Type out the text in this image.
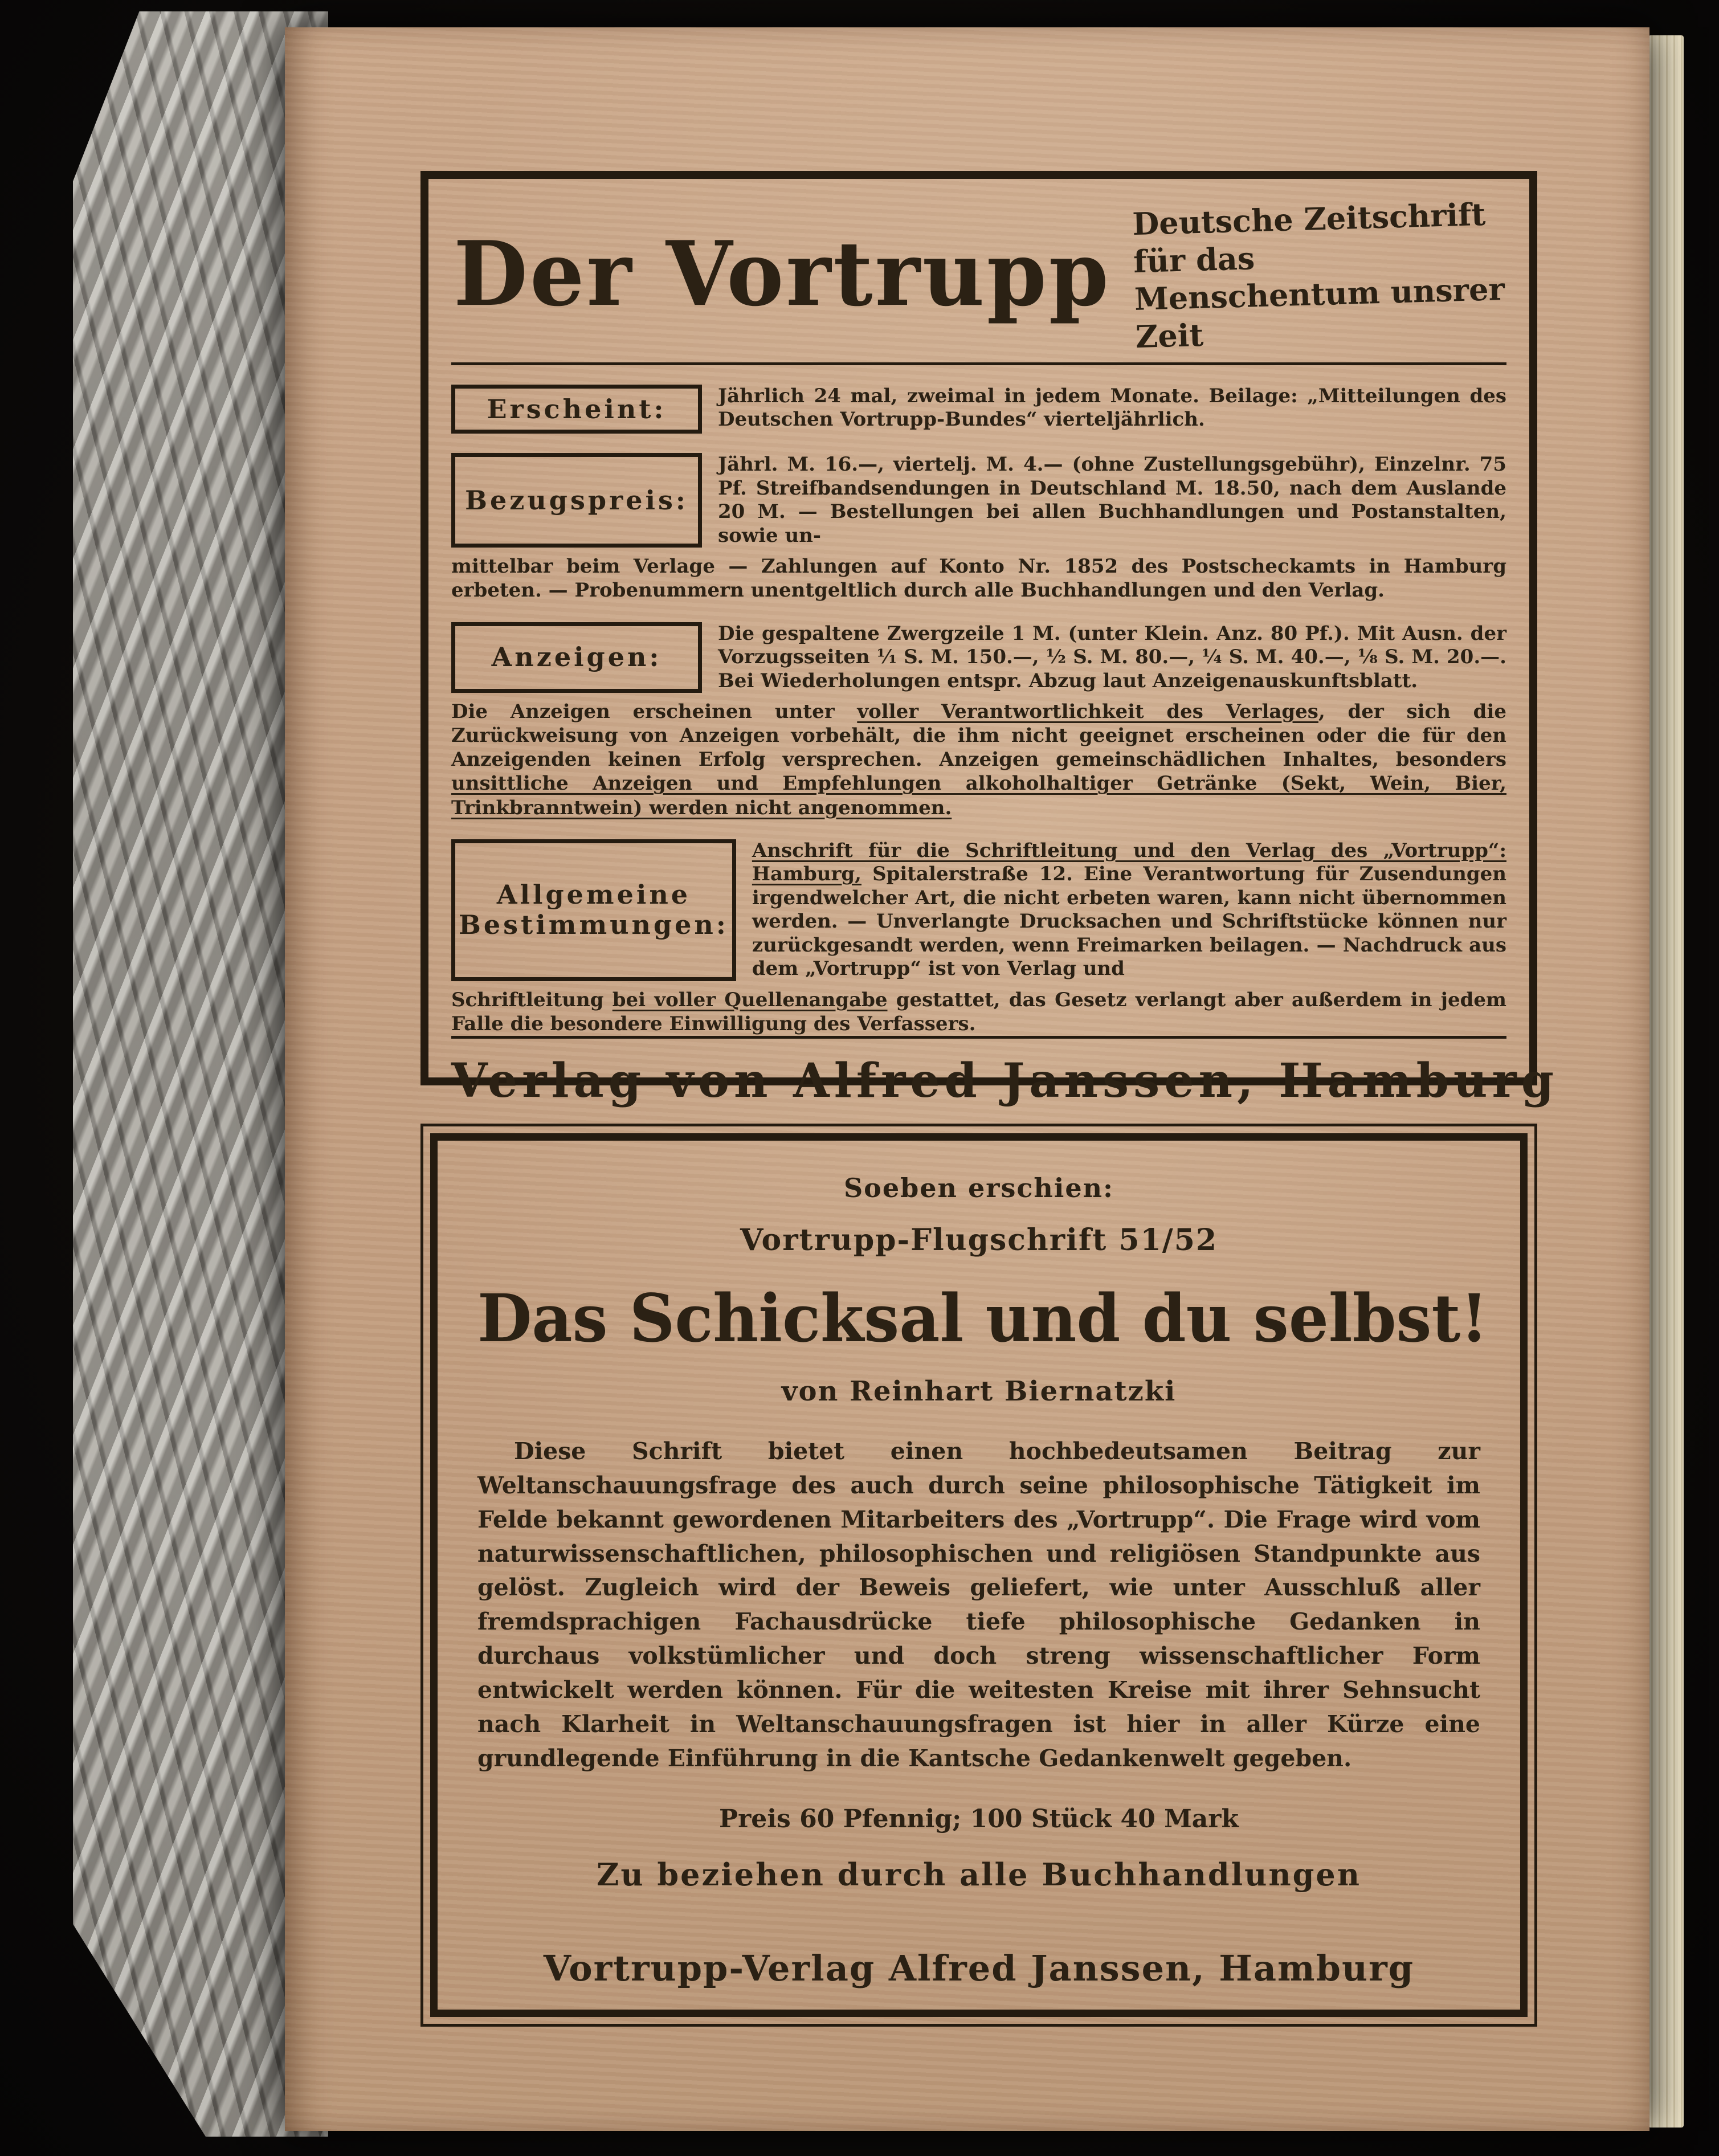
Der Vortrupp
Deutsche Zeitschrift für das
Menschentum unsrer Zeit
Erscheint:	Jährlich 24 mal, zweimal in jedem Monate. Beilage: „Mitteilungen des Deutschen Vortrupp-Bundes“ vierteljährlich.
Bezugspreis:
Jährl. M. 16.—, viertelj. M. 4.— (ohne Zustellungsgebühr), Einzelnr. 75 Pf. Streifbandsendungen in Deutschland M. 18.50, nach dem Auslande 20 M. — Bestellungen bei allen Buchhandlungen und Postanstalten, sowie un-
mittelbar beim Verlage — Zahlungen auf Konto Nr. 1852 des Postscheckamts in Hamburg erbeten. — Probenummern unentgeltlich durch alle Buchhandlungen und den Verlag.
Anzeigen:
Die gespaltene Zwergzeile 1 M. (unter Klein. Anz. 80 Pf.). Mit Ausn. der Vorzugsseiten ¹⁄₁ S. M. 150.—, ¹⁄₂ S. M. 80.—, ¹⁄₄ S. M. 40.—, ¹⁄₈ S. M. 20.—. Bei Wiederholungen entspr. Abzug laut Anzeigenauskunftsblatt.
Die Anzeigen erscheinen unter voller Verantwortlichkeit des Verlages, der sich die Zurückweisung von Anzeigen vorbehält, die ihm nicht geeignet erscheinen oder die für den Anzeigenden keinen Erfolg versprechen. Anzeigen gemeinschädlichen Inhaltes, besonders unsittliche Anzeigen und Empfehlungen alkoholhaltiger Getränke (Sekt, Wein, Bier, Trinkbranntwein) werden nicht angenommen.
Allgemeine
Bestimmungen:
Anschrift für die Schriftleitung und den Verlag des „Vortrupp“: Hamburg, Spitalerstraße 12. Eine Verantwortung für Zusendungen irgendwelcher Art, die nicht erbeten waren, kann nicht übernommen werden. — Unverlangte Drucksachen und Schriftstücke können nur zurückgesandt werden, wenn Freimarken beilagen. — Nachdruck aus dem „Vortrupp“ ist von Verlag und
Schriftleitung bei voller Quellenangabe gestattet, das Gesetz verlangt aber außerdem in jedem Falle die besondere Einwilligung des Verfassers.
Verlag von Alfred Janssen, Hamburg
Soeben erschien:
Vortrupp-Flugschrift 51/52
Das Schicksal und du selbst!
von Reinhart Biernatzki
Diese Schrift bietet einen hochbedeutsamen Beitrag zur Weltanschauungsfrage des auch durch seine philosophische Tätigkeit im Felde bekannt gewordenen Mitarbeiters des „Vortrupp“. Die Frage wird vom naturwissenschaftlichen, philosophischen und religiösen Standpunkte aus gelöst. Zugleich wird der Beweis geliefert, wie unter Ausschluß aller fremdsprachigen Fachausdrücke tiefe philosophische Gedanken in durchaus volkstümlicher und doch streng wissenschaftlicher Form entwickelt werden können. Für die weitesten Kreise mit ihrer Sehnsucht nach Klarheit in Weltanschauungsfragen ist hier in aller Kürze eine grundlegende Einführung in die Kantsche Gedankenwelt gegeben.
Preis 60 Pfennig; 100 Stück 40 Mark
Zu beziehen durch alle Buchhandlungen
Vortrupp-Verlag Alfred Janssen, Hamburg
